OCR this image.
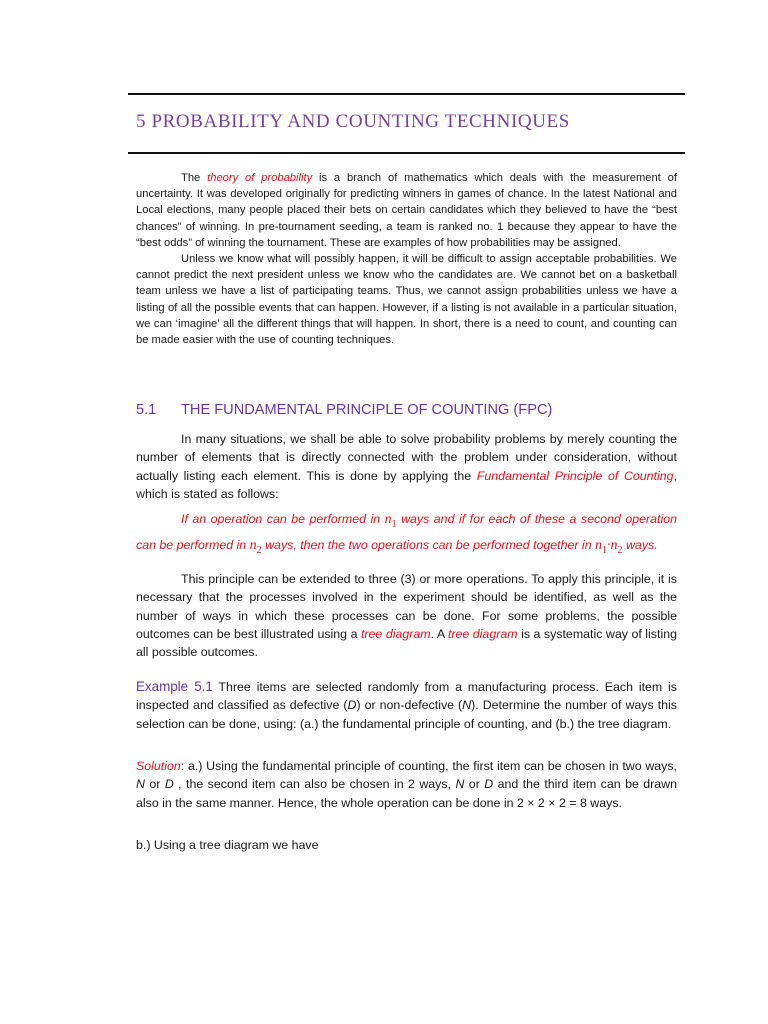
5 PROBABILITY AND COUNTING TECHNIQUES

The theory of probability is a branch of mathematics which deals with the measurement of uncertainty. It was developed originally for predicting winners in games of chance. In the latest National and Local elections, many people placed their bets on certain candidates which they believed to have the “best chances” of winning. In pre-tournament seeding, a team is ranked no. 1 because they appear to have the “best odds” of winning the tournament. These are examples of how probabilities may be assigned.

Unless we know what will possibly happen, it will be difficult to assign acceptable probabilities. We cannot predict the next president unless we know who the candidates are. We cannot bet on a basketball team unless we have a list of participating teams. Thus, we cannot assign probabilities unless we have a listing of all the possible events that can happen. However, if a listing is not available in a particular situation, we can ‘imagine’ all the different things that will happen. In short, there is a need to count, and counting can be made easier with the use of counting techniques.

5.1 THE FUNDAMENTAL PRINCIPLE OF COUNTING (FPC)

In many situations, we shall be able to solve probability problems by merely counting the number of elements that is directly connected with the problem under consideration, without actually listing each element. This is done by applying the Fundamental Principle of Counting, which is stated as follows:

If an operation can be performed in $n_1$ ways and if for each of these a second operation can be performed in $n_2$ ways, then the two operations can be performed together in $n_1\cdot n_2$ ways.

This principle can be extended to three (3) or more operations. To apply this principle, it is necessary that the processes involved in the experiment should be identified, as well as the number of ways in which these processes can be done. For some problems, the possible outcomes can be best illustrated using a tree diagram. A tree diagram is a systematic way of listing all possible outcomes.

Example 5.1 Three items are selected randomly from a manufacturing process. Each item is inspected and classified as defective (D) or non-defective (N). Determine the number of ways this selection can be done, using: (a.) the fundamental principle of counting, and (b.) the tree diagram.

Solution: a.) Using the fundamental principle of counting, the first item can be chosen in two ways, N or D , the second item can also be chosen in 2 ways, N or D and the third item can be drawn also in the same manner. Hence, the whole operation can be done in 2 × 2 × 2 = 8 ways.

b.) Using a tree diagram we have
